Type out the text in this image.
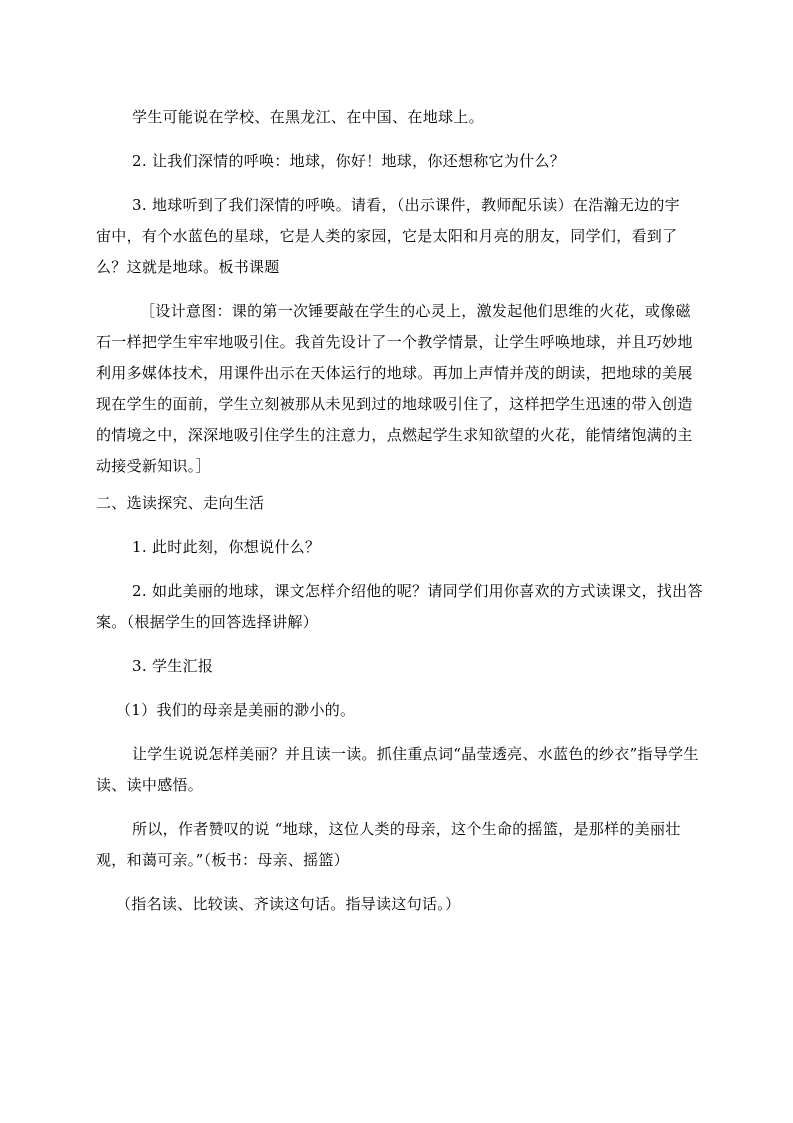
学生可能说在学校、在黑龙江、在中国、在地球上。

2. 让我们深情的呼唤：地球，你好！地球，你还想称它为什么？

3. 地球听到了我们深情的呼唤。请看，（出示课件，教师配乐读）在浩瀚无边的宇　宙中，有个水蓝色的星球，它是人类的家园，它是太阳和月亮的朋友，同学们，看到了　么？这就是地球。板书课题

［设计意图：课的第一次锤要敲在学生的心灵上，激发起他们思维的火花，或像磁石一样把学生牢牢地吸引住。我首先设计了一个教学情景，让学生呼唤地球，并且巧妙地利用多媒体技术，用课件出示在天体运行的地球。再加上声情并茂的朗读，把地球的美展现在学生的面前，学生立刻被那从未见到过的地球吸引住了，这样把学生迅速的带入创造的情境之中，深深地吸引住学生的注意力，点燃起学生求知欲望的火花，能情绪饱满的主动接受新知识。］

二、选读探究、走向生活

1. 此时此刻，你想说什么？

2. 如此美丽的地球，课文怎样介绍他的呢？请同学们用你喜欢的方式读课文，找出答案。（根据学生的回答选择讲解）

3. 学生汇报

（1）我们的母亲是美丽的渺小的。

让学生说说怎样美丽？并且读一读。抓住重点词“晶莹透亮、水蓝色的纱衣”指导学生读、读中感悟。

所以，作者赞叹的说 “地球，这位人类的母亲，这个生命的摇篮，是那样的美丽壮观，和蔼可亲。”（板书：母亲、摇篮）

（指名读、比较读、齐读这句话。指导读这句话。）
